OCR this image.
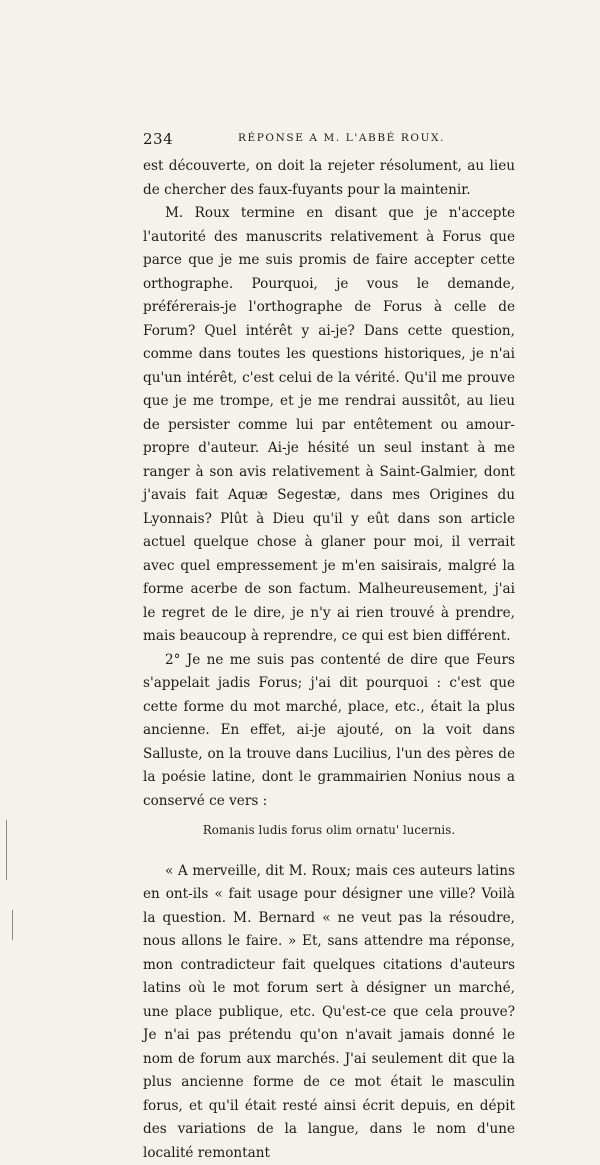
234	RÉPONSE A M. L'ABBÉ ROUX.

est découverte, on doit la rejeter résolument, au lieu de chercher des faux-fuyants pour la maintenir.

M. Roux termine en disant que je n'accepte l'autorité des manuscrits relativement à Forus que parce que je me suis promis de faire accepter cette orthographe. Pourquoi, je vous le demande, préférerais-je l'orthographe de Forus à celle de Forum? Quel intérêt y ai-je? Dans cette question, comme dans toutes les questions historiques, je n'ai qu'un intérêt, c'est celui de la vérité. Qu'il me prouve que je me trompe, et je me rendrai aussitôt, au lieu de persister comme lui par entêtement ou amour-propre d'auteur. Ai-je hésité un seul instant à me ranger à son avis relativement à Saint-Galmier, dont j'avais fait Aquæ Segestæ, dans mes Origines du Lyonnais? Plût à Dieu qu'il y eût dans son article actuel quelque chose à glaner pour moi, il verrait avec quel empressement je m'en saisirais, malgré la forme acerbe de son factum. Malheureusement, j'ai le regret de le dire, je n'y ai rien trouvé à prendre, mais beaucoup à reprendre, ce qui est bien différent.

2° Je ne me suis pas contenté de dire que Feurs s'appelait jadis Forus; j'ai dit pourquoi : c'est que cette forme du mot marché, place, etc., était la plus ancienne. En effet, ai-je ajouté, on la voit dans Salluste, on la trouve dans Lucilius, l'un des pères de la poésie latine, dont le grammairien Nonius nous a conservé ce vers :

Romanis ludis forus olim ornatu' lucernis.

« A merveille, dit M. Roux; mais ces auteurs latins en ont-ils « fait usage pour désigner une ville? Voilà la question. M. Bernard « ne veut pas la résoudre, nous allons le faire. » Et, sans attendre ma réponse, mon contradicteur fait quelques citations d'auteurs latins où le mot forum sert à désigner un marché, une place publique, etc. Qu'est-ce que cela prouve? Je n'ai pas prétendu qu'on n'avait jamais donné le nom de forum aux marchés. J'ai seulement dit que la plus ancienne forme de ce mot était le masculin forus, et qu'il était resté ainsi écrit depuis, en dépit des variations de la langue, dans le nom d'une localité remontant
